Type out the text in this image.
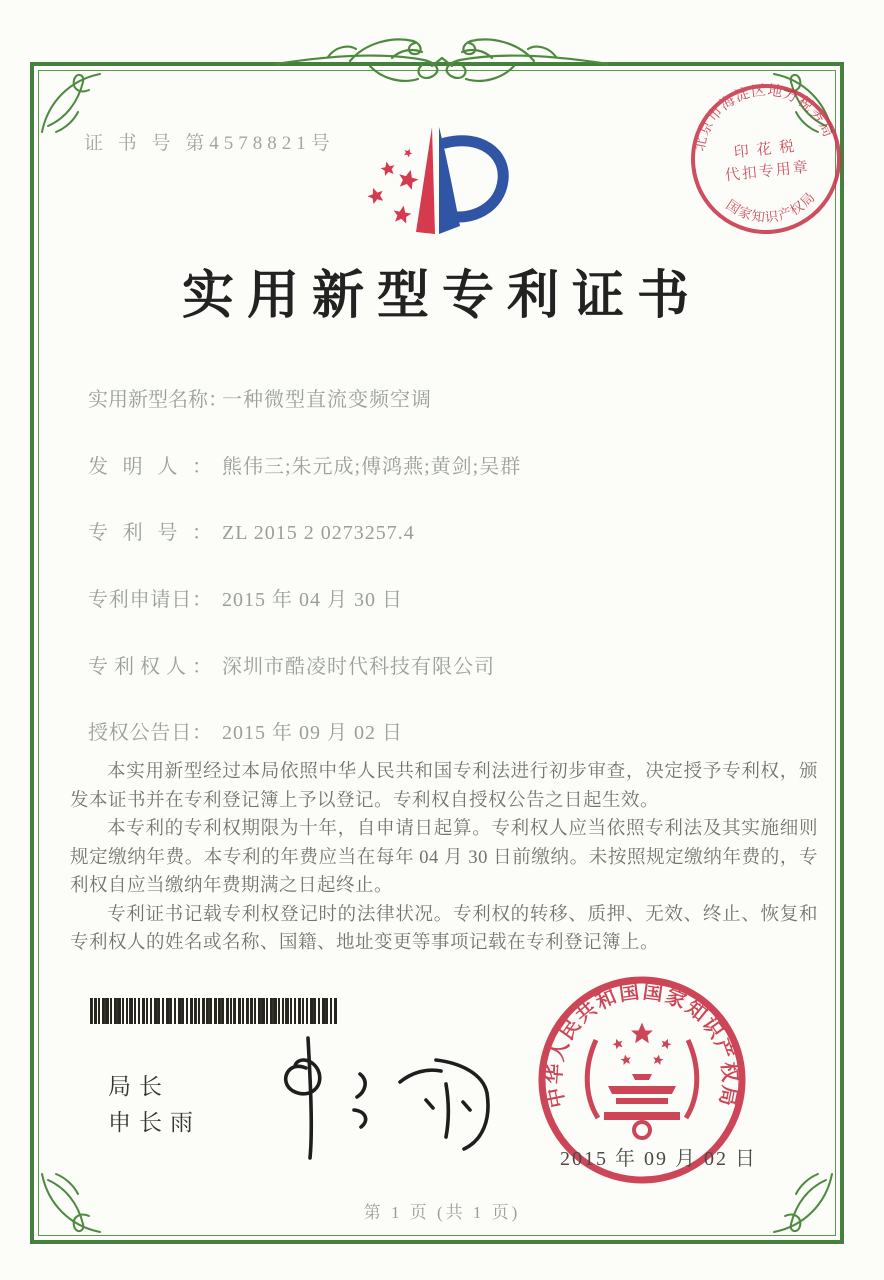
证 书 号 第4578821号	北京市海淀区地方税务局
国家知识产权局
印 花 税
代扣专用章
实用新型专利证书
实用新型名称：
一种微型直流变频空调
发明人： 熊伟三;朱元成;傅鸿燕;黄剑;吴群
专利号： ZL 2015 2 0273257.4
专利申请日： 2015 年 04 月 30 日
专利权人： 深圳市酷凌时代科技有限公司
授权公告日： 2015 年 09 月 02 日

本实用新型经过本局依照中华人民共和国专利法进行初步审查，决定授予专利权，颁发本证书并在专利登记簿上予以登记。专利权自授权公告之日起生效。

本专利的专利权期限为十年，自申请日起算。专利权人应当依照专利法及其实施细则规定缴纳年费。本专利的年费应当在每年 04 月 30 日前缴纳。未按照规定缴纳年费的，专利权自应当缴纳年费期满之日起终止。

专利证书记载专利权登记时的法律状况。专利权的转移、质押、无效、终止、恢复和专利权人的姓名或名称、国籍、地址变更等事项记载在专利登记簿上。

局长
申长雨
中华人民共和国国家知识产权局
2015 年 09 月 02 日
第 1 页 (共 1 页)
